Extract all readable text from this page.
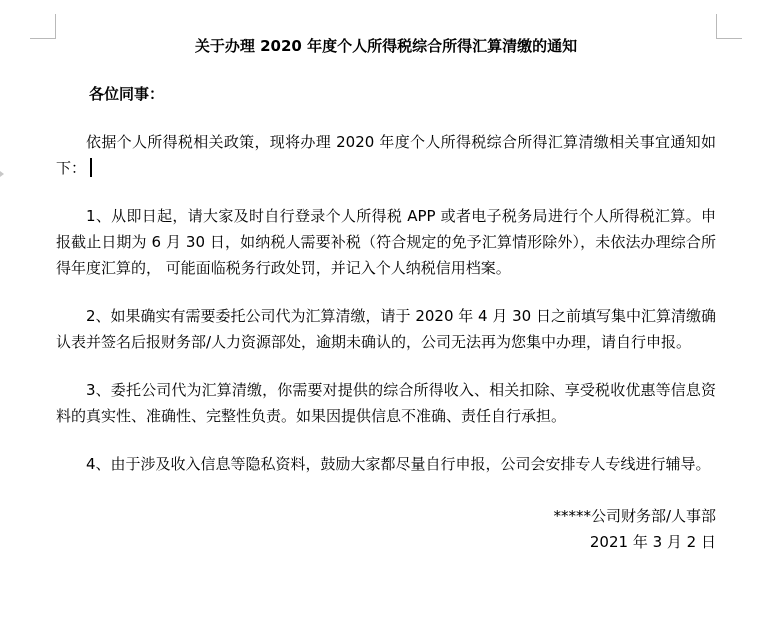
关于办理 2020 年度个人所得税综合所得汇算清缴的通知

各位同事：

依据个人所得税相关政策，现将办理 2020 年度个人所得税综合所得汇算清缴相关事宜通知如下：

1、从即日起，请大家及时自行登录个人所得税 APP 或者电子税务局进行个人所得税汇算。申报截止日期为 6 月 30 日，如纳税人需要补税（符合规定的免予汇算情形除外），未依法办理综合所得年度汇算的， 可能面临税务行政处罚，并记入个人纳税信用档案。

2、如果确实有需要委托公司代为汇算清缴，请于 2020 年 4 月 30 日之前填写集中汇算清缴确认表并签名后报财务部/人力资源部处，逾期未确认的，公司无法再为您集中办理，请自行申报。

3、委托公司代为汇算清缴，你需要对提供的综合所得收入、相关扣除、享受税收优惠等信息资料的真实性、准确性、完整性负责。如果因提供信息不准确、责任自行承担。

4、由于涉及收入信息等隐私资料，鼓励大家都尽量自行申报，公司会安排专人专线进行辅导。

*****公司财务部/人事部
2021 年 3 月 2 日
